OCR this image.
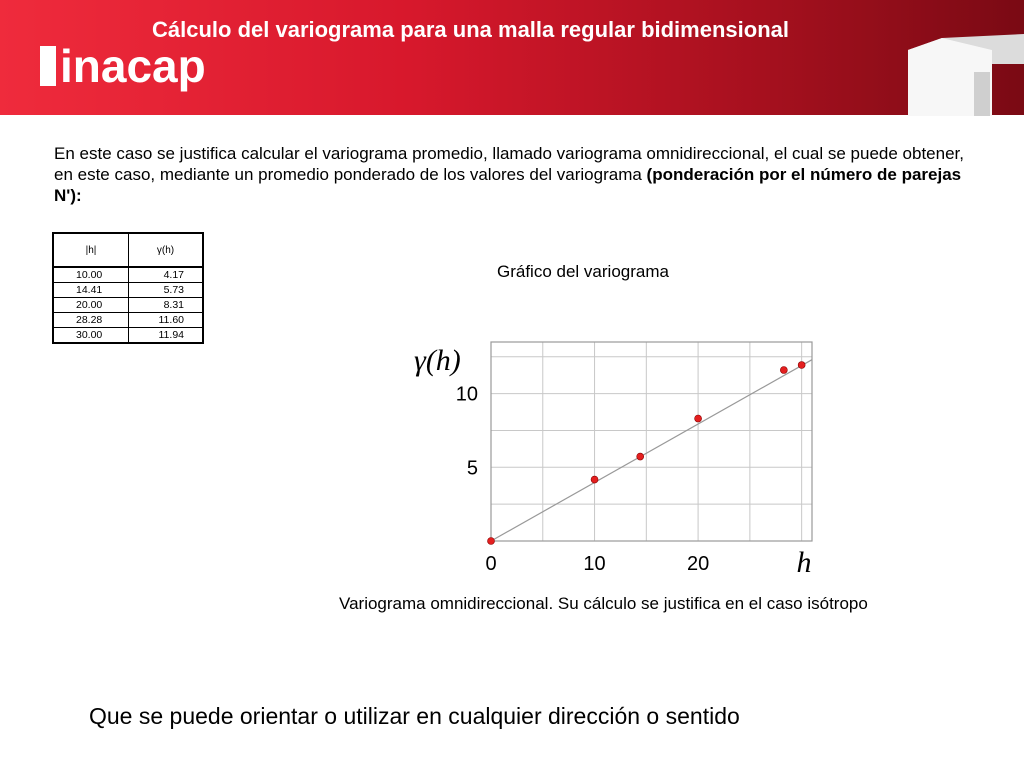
Cálculo del variograma para una malla regular bidimensional
inacap
En este caso se justifica calcular el variograma promedio, llamado variograma omnidireccional, el cual se puede obtener, en este caso, mediante un promedio ponderado de los valores del variograma (ponderación por el número de parejas N'):
|h|	γ(h)
10.00	4.17
14.41	5.73
20.00	8.31
28.28	11.60
30.00	11.94
Gráfico del variograma
0	10	20
5
10
h
γ(h)
Variograma omnidireccional. Su cálculo se justifica en el caso isótropo
Que se puede orientar o utilizar en cualquier dirección o sentido
